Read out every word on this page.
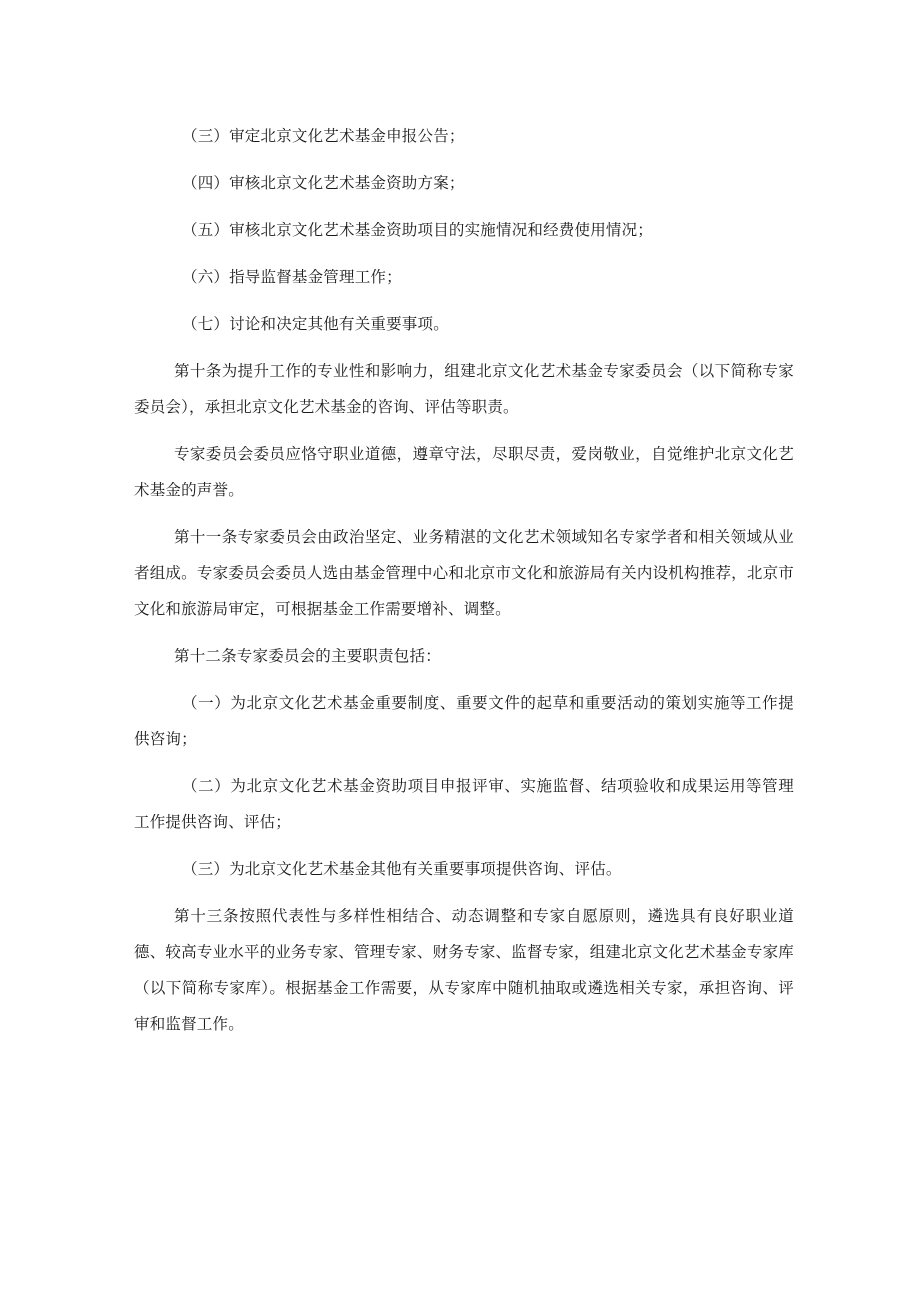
（三）审定北京文化艺术基金申报公告；

（四）审核北京文化艺术基金资助方案；

（五）审核北京文化艺术基金资助项目的实施情况和经费使用情况；

（六）指导监督基金管理工作；

（七）讨论和决定其他有关重要事项。

第十条为提升工作的专业性和影响力，组建北京文化艺术基金专家委员会（以下简称专家委员会），承担北京文化艺术基金的咨询、评估等职责。

专家委员会委员应恪守职业道德，遵章守法，尽职尽责，爱岗敬业，自觉维护北京文化艺术基金的声誉。

第十一条专家委员会由政治坚定、业务精湛的文化艺术领域知名专家学者和相关领域从业者组成。专家委员会委员人选由基金管理中心和北京市文化和旅游局有关内设机构推荐，北京市文化和旅游局审定，可根据基金工作需要增补、调整。

第十二条专家委员会的主要职责包括：

（一）为北京文化艺术基金重要制度、重要文件的起草和重要活动的策划实施等工作提供咨询；

（二）为北京文化艺术基金资助项目申报评审、实施监督、结项验收和成果运用等管理工作提供咨询、评估；

（三）为北京文化艺术基金其他有关重要事项提供咨询、评估。

第十三条按照代表性与多样性相结合、动态调整和专家自愿原则，遴选具有良好职业道德、较高专业水平的业务专家、管理专家、财务专家、监督专家，组建北京文化艺术基金专家库（以下简称专家库）。根据基金工作需要，从专家库中随机抽取或遴选相关专家，承担咨询、评审和监督工作。
